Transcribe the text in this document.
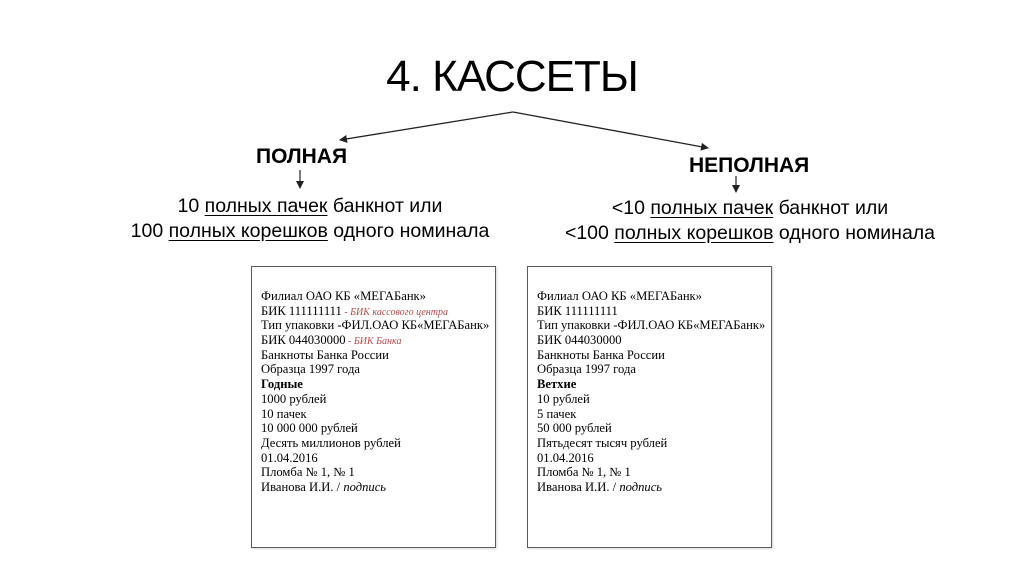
4. КАССЕТЫ
ПОЛНАЯ	НЕПОЛНАЯ
10 полных пачек банкнот или
100 полных корешков одного номинала
<10 полных пачек банкнот или
<100 полных корешков одного номинала
Филиал ОАО КБ «МЕГАБанк»
БИК 111111111 - БИК кассового центра
Тип упаковки -ФИЛ.ОАО КБ«МЕГАБанк»
БИК 044030000 - БИК Банка
Банкноты Банка России
Образца 1997 года
Годные
1000 рублей
10 пачек
10 000 000 рублей
Десять миллионов рублей
01.04.2016
Пломба № 1, № 1
Иванова И.И. / подпись
Филиал ОАО КБ «МЕГАБанк»
БИК 111111111
Тип упаковки -ФИЛ.ОАО КБ«МЕГАБанк»
БИК 044030000
Банкноты Банка России
Образца 1997 года
Ветхие
10 рублей
5 пачек
50 000 рублей
Пятьдесят тысяч рублей
01.04.2016
Пломба № 1, № 1
Иванова И.И. / подпись
